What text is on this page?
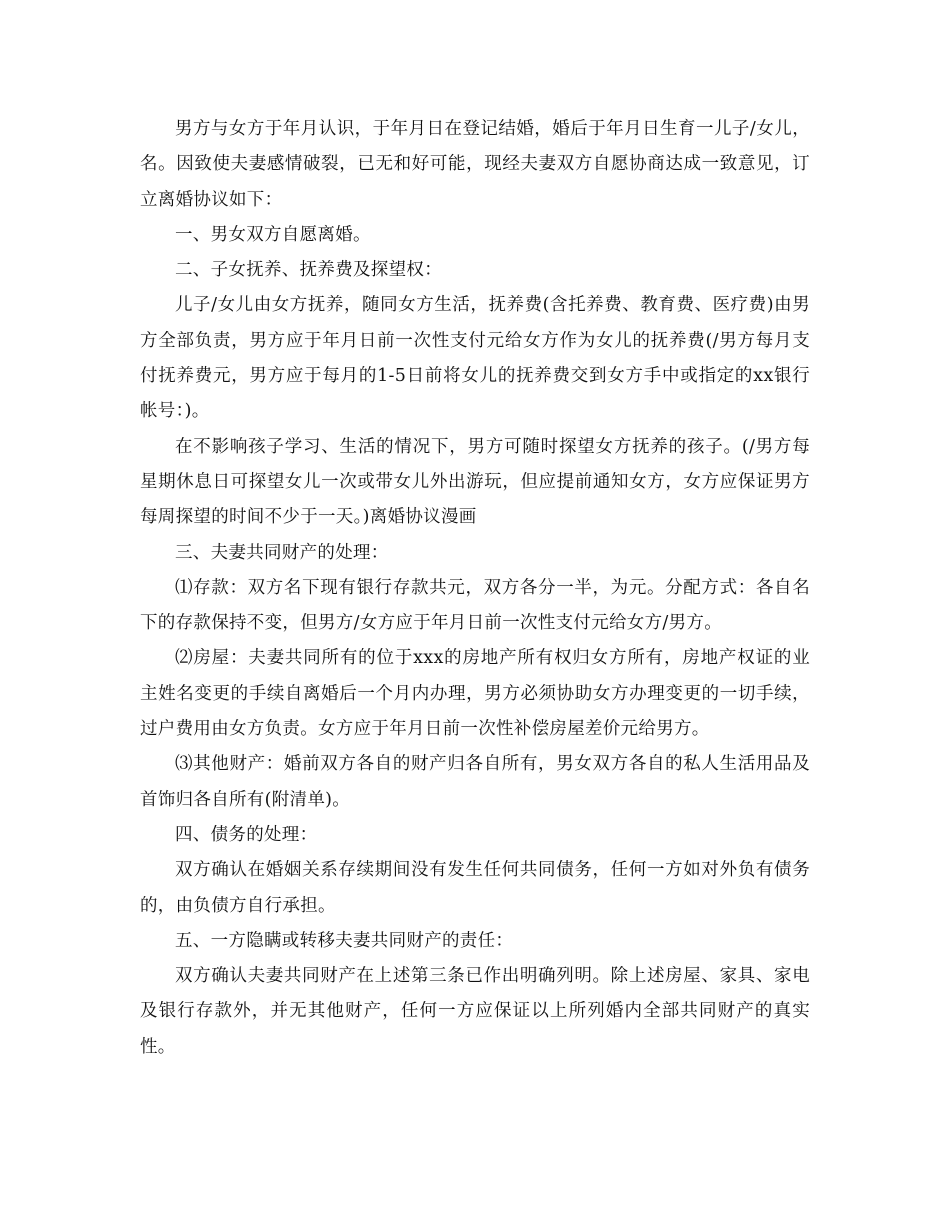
男方与女方于年月认识，于年月日在登记结婚，婚后于年月日生育一儿子/女儿，名。因致使夫妻感情破裂，已无和好可能，现经夫妻双方自愿协商达成一致意见，订立离婚协议如下：

一、男女双方自愿离婚。

二、子女抚养、抚养费及探望权：

儿子/女儿由女方抚养，随同女方生活，抚养费(含托养费、教育费、医疗费)由男方全部负责，男方应于年月日前一次性支付元给女方作为女儿的抚养费(/男方每月支付抚养费元，男方应于每月的1-5日前将女儿的抚养费交到女方手中或指定的xx银行帐号：)。

在不影响孩子学习、生活的情况下，男方可随时探望女方抚养的孩子。(/男方每星期休息日可探望女儿一次或带女儿外出游玩，但应提前通知女方，女方应保证男方每周探望的时间不少于一天。)离婚协议漫画

三、夫妻共同财产的处理：

⑴存款：双方名下现有银行存款共元，双方各分一半，为元。分配方式：各自名下的存款保持不变，但男方/女方应于年月日前一次性支付元给女方/男方。

⑵房屋：夫妻共同所有的位于xxx的房地产所有权归女方所有，房地产权证的业主姓名变更的手续自离婚后一个月内办理，男方必须协助女方办理变更的一切手续，过户费用由女方负责。女方应于年月日前一次性补偿房屋差价元给男方。

⑶其他财产：婚前双方各自的财产归各自所有，男女双方各自的私人生活用品及首饰归各自所有(附清单)。

四、债务的处理：

双方确认在婚姻关系存续期间没有发生任何共同债务，任何一方如对外负有债务的，由负债方自行承担。

五、一方隐瞒或转移夫妻共同财产的责任：

双方确认夫妻共同财产在上述第三条已作出明确列明。除上述房屋、家具、家电及银行存款外，并无其他财产，任何一方应保证以上所列婚内全部共同财产的真实性。
